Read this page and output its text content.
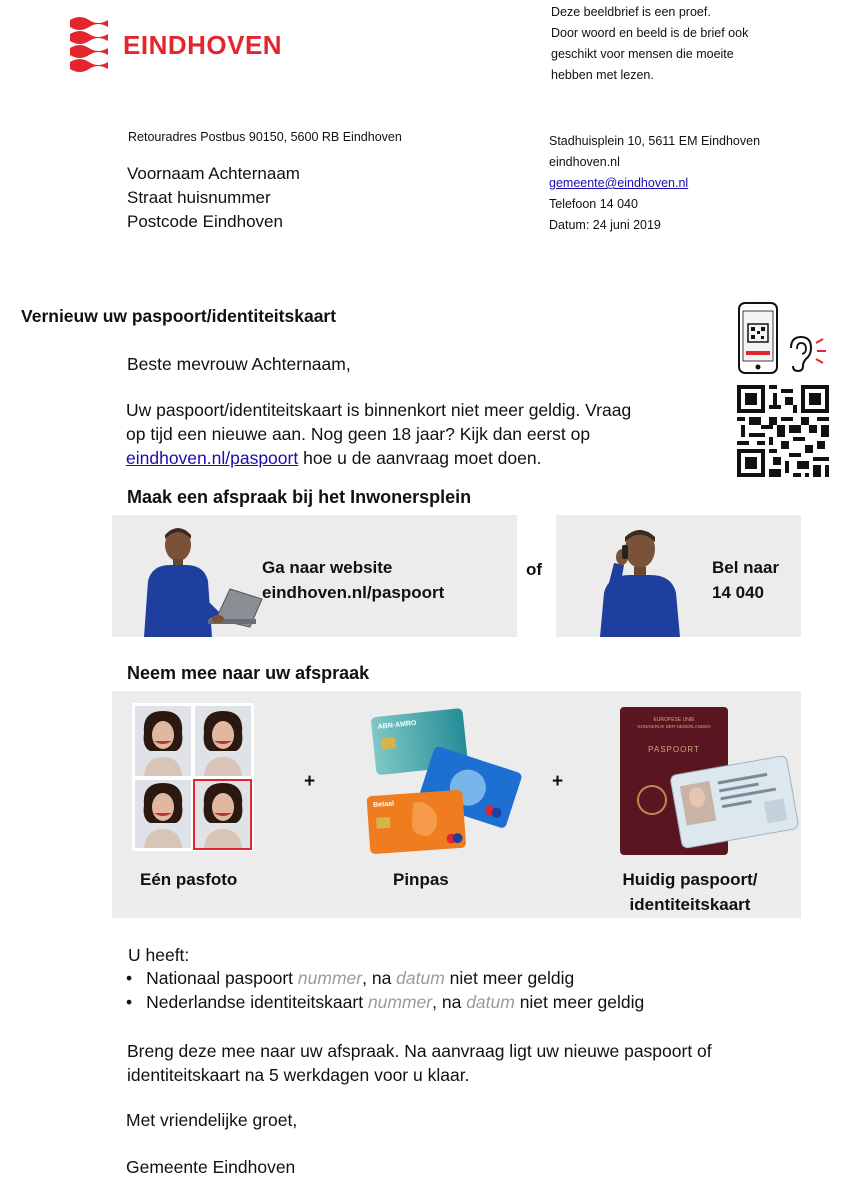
EINDHOVEN
Deze beeldbrief is een proef.
Door woord en beeld is de brief ook
geschikt voor mensen die moeite
hebben met lezen.
Retouradres Postbus 90150, 5600 RB Eindhoven
Voornaam Achternaam
Straat huisnummer
Postcode Eindhoven
Stadhuisplein 10, 5611 EM Eindhoven
eindhoven.nl
gemeente@eindhoven.nl
Telefoon 14 040
Datum: 24 juni 2019
Vernieuw uw paspoort/identiteitskaart
Beste mevrouw Achternaam,
Uw paspoort/identiteitskaart is binnenkort niet meer geldig. Vraag
op tijd een nieuwe aan. Nog geen 18 jaar? Kijk dan eerst op
eindhoven.nl/paspoort hoe u de aanvraag moet doen.
Maak een afspraak bij het Inwonersplein
Ga naar website
eindhoven.nl/paspoort
of	Bel naar
14 040
Neem mee naar uw afspraak
+
ABN·AMRO
Betaal
+
EUROPESE UNIE
KONINKRIJK DER NEDERLANDEN
PASPOORT
Eén pasfoto	Pinpas	Huidig paspoort/
identiteitskaart
U heeft:
• Nationaal paspoort nummer, na datum niet meer geldig
• Nederlandse identiteitskaart nummer, na datum niet meer geldig
Breng deze mee naar uw afspraak. Na aanvraag ligt uw nieuwe paspoort of
identiteitskaart na 5 werkdagen voor u klaar.
Met vriendelijke groet,
Gemeente Eindhoven
